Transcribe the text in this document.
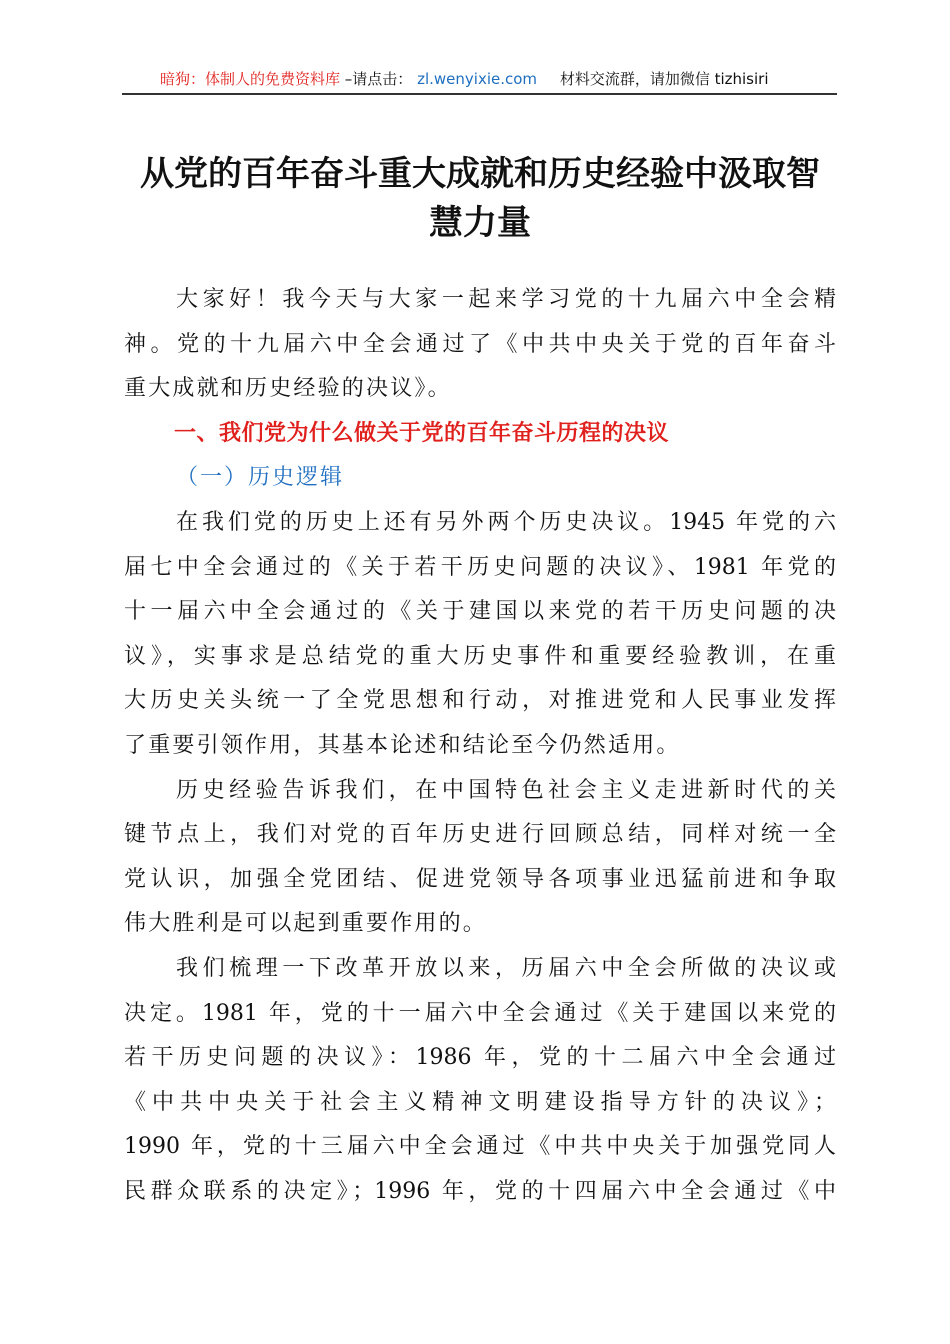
暗狗：体制人的免费资料库 –请点击： zl.wenyixie.com 材料交流群，请加微信 tizhisiri
从党的百年奋斗重大成就和历史经验中汲取智
慧力量
大家好！我今天与大家一起来学习党的十九届六中全会精
神。党的十九届六中全会通过了《中共中央关于党的百年奋斗
重大成就和历史经验的决议》。
一、我们党为什么做关于党的百年奋斗历程的决议
（一）历史逻辑
在我们党的历史上还有另外两个历史决议。1945 年党的六
届七中全会通过的《关于若干历史问题的决议》、1981 年党的
十一届六中全会通过的《关于建国以来党的若干历史问题的决
议》，实事求是总结党的重大历史事件和重要经验教训，在重
大历史关头统一了全党思想和行动，对推进党和人民事业发挥
了重要引领作用，其基本论述和结论至今仍然适用。
历史经验告诉我们，在中国特色社会主义走进新时代的关
键节点上，我们对党的百年历史进行回顾总结，同样对统一全
党认识，加强全党团结、促进党领导各项事业迅猛前进和争取
伟大胜利是可以起到重要作用的。
我们梳理一下改革开放以来，历届六中全会所做的决议或
决定。1981 年，党的十一届六中全会通过《关于建国以来党的
若干历史问题的决议》：1986 年，党的十二届六中全会通过
《中共中央关于社会主义精神文明建设指导方针的决议》；
1990 年，党的十三届六中全会通过《中共中央关于加强党同人
民群众联系的决定》；1996 年，党的十四届六中全会通过《中
